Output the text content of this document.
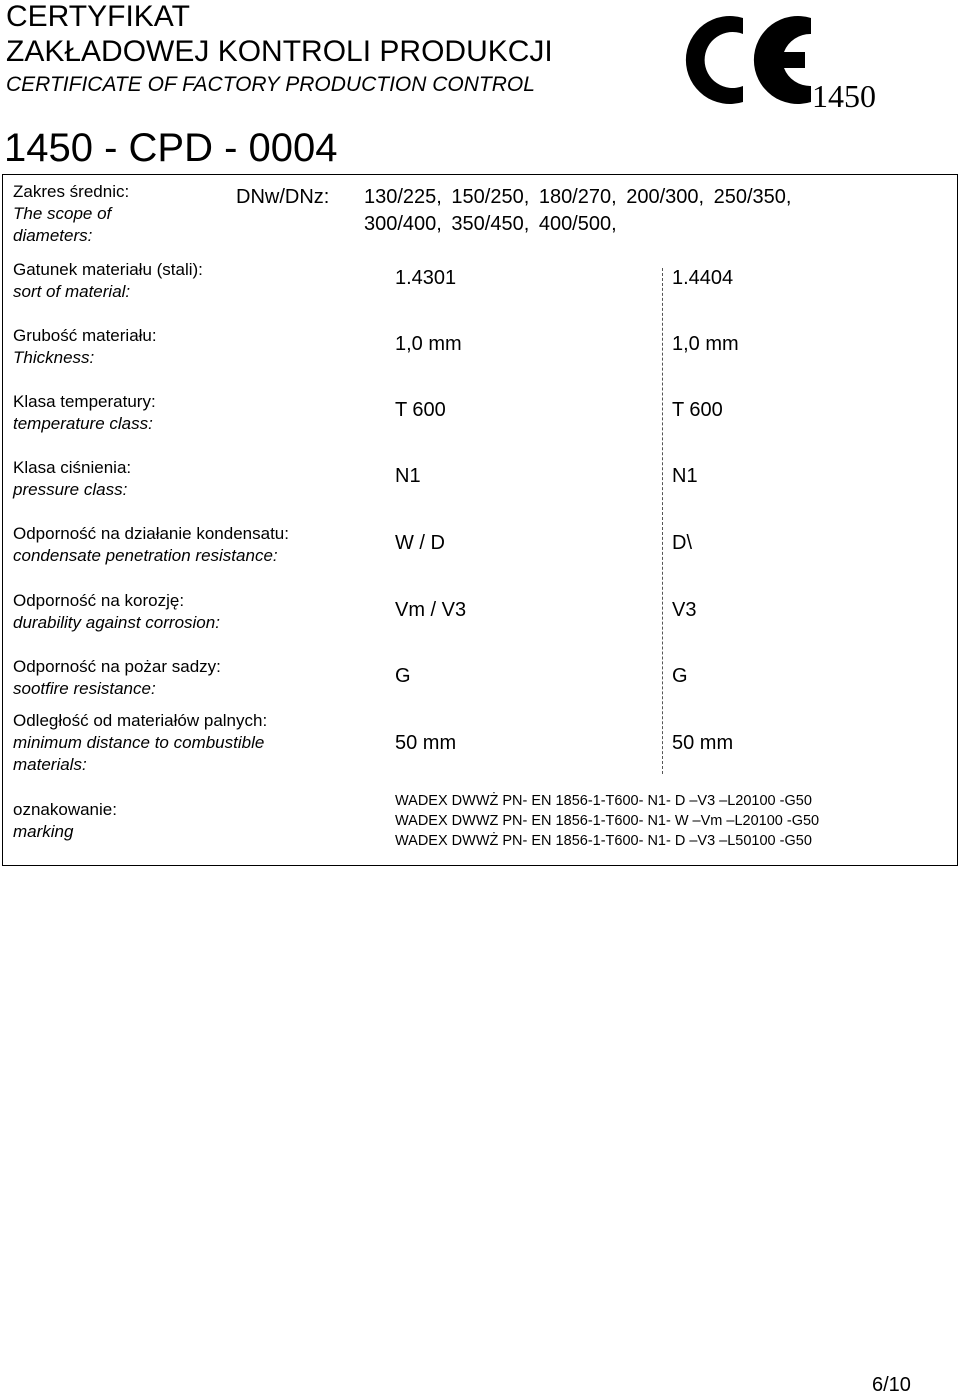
CERTYFIKAT
ZAKŁADOWEJ KONTROLI PRODUKCJI
CERTIFICATE OF FACTORY PRODUCTION CONTROL
1450 - CPD - 0004
1450
Zakres średnic:
The scope of
diameters:
DNw/DNz: 130/225, 150/250, 180/270, 200/300, 250/350,
300/400, 350/450, 400/500,
Gatunek materiału (stali):
sort of material:
1.4301	1.4404
Grubość materiału:
Thickness:
1,0 mm	1,0 mm
Klasa temperatury:
temperature class:
T 600	T 600
Klasa ciśnienia:
pressure class:
N1	N1
Odporność na działanie kondensatu:
condensate penetration resistance:
W / D	D\
Odporność na korozję:
durability against corrosion:
Vm / V3	V3
Odporność na pożar sadzy:
sootfire resistance:
G	G
Odległość od materiałów palnych:
minimum distance to combustible
materials:
50 mm	50 mm
oznakowanie:
marking
WADEX DWWŻ PN- EN 1856-1-T600- N1- D –V3 –L20100 -G50
WADEX DWWZ PN- EN 1856-1-T600- N1- W –Vm –L20100 -G50
WADEX DWWŻ PN- EN 1856-1-T600- N1- D –V3 –L50100 -G50
6/10
